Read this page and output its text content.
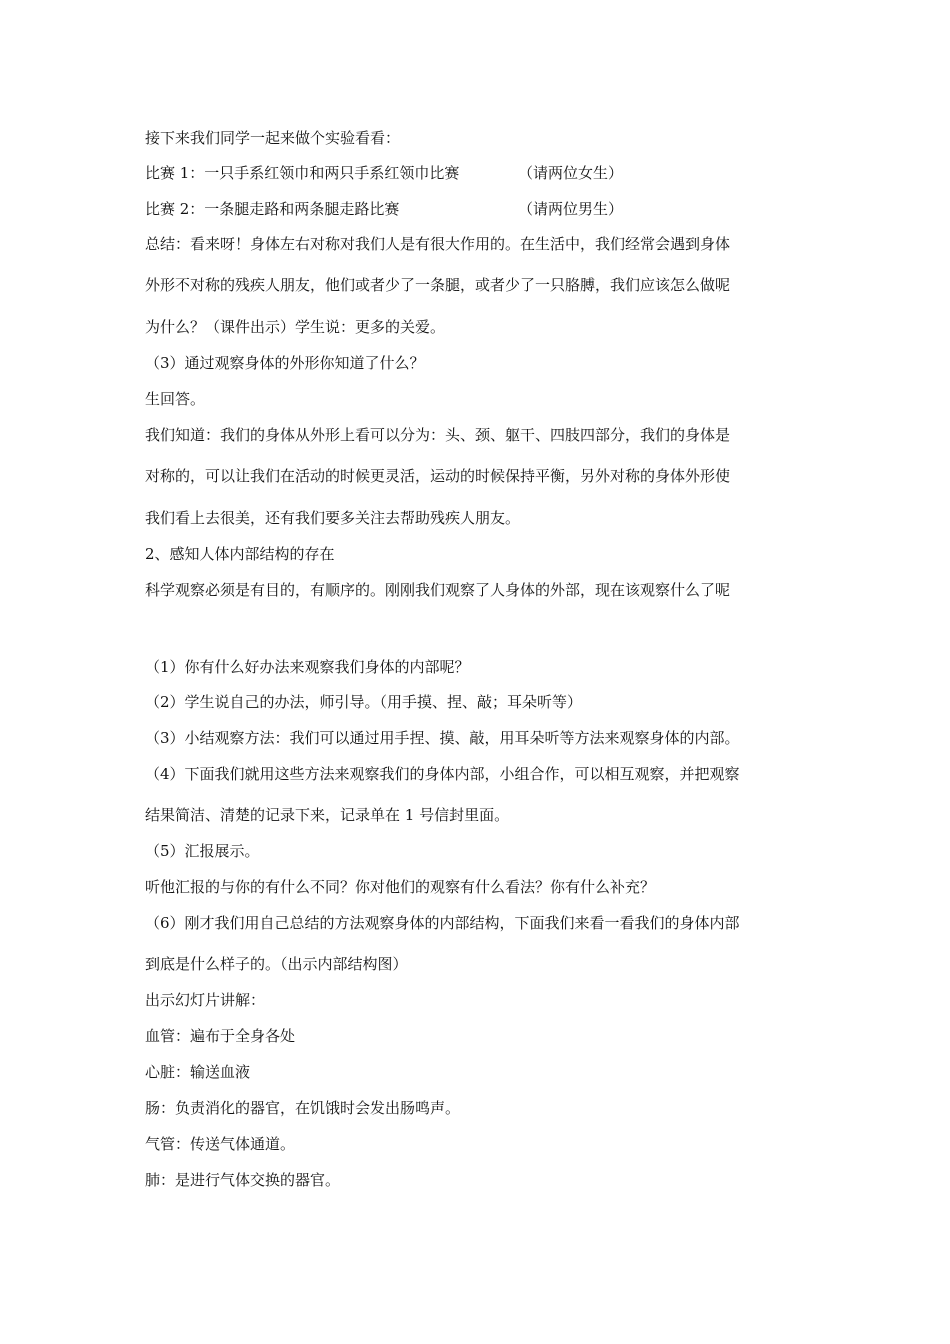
接下来我们同学一起来做个实验看看：
比赛 1：一只手系红领巾和两只手系红领巾比赛	（请两位女生）
比赛 2：一条腿走路和两条腿走路比赛	（请两位男生）
总结：看来呀！身体左右对称对我们人是有很大作用的。在生活中，我们经常会遇到身体
外形不对称的残疾人朋友，他们或者少了一条腿，或者少了一只胳膊，我们应该怎么做呢
为什么？（课件出示）学生说：更多的关爱。
（3）通过观察身体的外形你知道了什么？
生回答。
我们知道：我们的身体从外形上看可以分为：头、颈、躯干、四肢四部分，我们的身体是
对称的，可以让我们在活动的时候更灵活，运动的时候保持平衡，另外对称的身体外形使
我们看上去很美，还有我们要多关注去帮助残疾人朋友。
2、感知人体内部结构的存在
科学观察必须是有目的，有顺序的。刚刚我们观察了人身体的外部，现在该观察什么了呢
（1）你有什么好办法来观察我们身体的内部呢？
（2）学生说自己的办法，师引导。（用手摸、捏、敲；耳朵听等）
（3）小结观察方法：我们可以通过用手捏、摸、敲，用耳朵听等方法来观察身体的内部。
（4）下面我们就用这些方法来观察我们的身体内部，小组合作，可以相互观察，并把观察
结果简洁、清楚的记录下来，记录单在 1 号信封里面。
（5）汇报展示。
听他汇报的与你的有什么不同？你对他们的观察有什么看法？你有什么补充？
（6）刚才我们用自己总结的方法观察身体的内部结构，下面我们来看一看我们的身体内部
到底是什么样子的。（出示内部结构图）
出示幻灯片讲解：
血管：遍布于全身各处
心脏：输送血液
肠：负责消化的器官，在饥饿时会发出肠鸣声。
气管：传送气体通道。
肺：是进行气体交换的器官。
